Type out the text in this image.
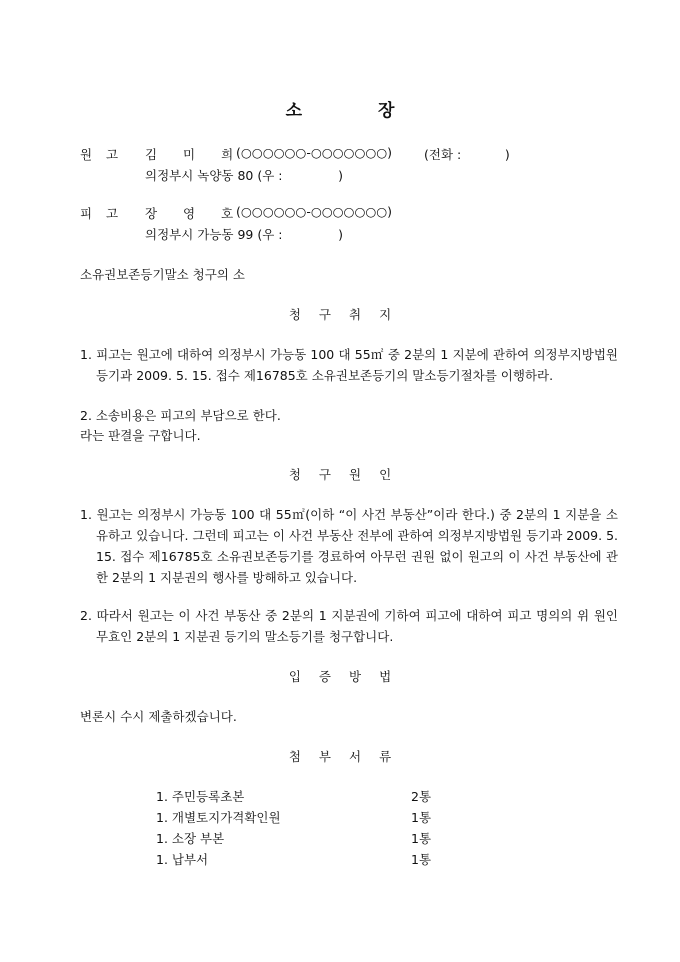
소	장
원 고 김 미 희 (○○○○○○-○○○○○○○)	(전화 :           )
의정부시 녹양동 80 (우 :              )
피 고 장 영 호 (○○○○○○-○○○○○○○)
의정부시 가능동 99 (우 :              )
소유권보존등기말소 청구의 소
청 구 취 지
1. 피고는 원고에 대하여 의정부시 가능동 100 대 55㎡ 중 2분의 1 지분에 관하여 의정부지방법원 등기과 2009. 5. 15. 접수 제16785호 소유권보존등기의 말소등기절차를 이행하라.
2. 소송비용은 피고의 부담으로 한다.
라는 판결을 구합니다.
청 구 원 인
1. 원고는 의정부시 가능동 100 대 55㎡(이하 “이 사건 부동산”이라 한다.) 중 2분의 1 지분을 소유하고 있습니다. 그런데 피고는 이 사건 부동산 전부에 관하여 의정부지방법원 등기과 2009. 5. 15. 접수 제16785호 소유권보존등기를 경료하여 아무런 권원 없이 원고의 이 사건 부동산에 관한 2분의 1 지분권의 행사를 방해하고 있습니다.
2. 따라서 원고는 이 사건 부동산 중 2분의 1 지분권에 기하여 피고에 대하여 피고 명의의 위 원인무효인 2분의 1 지분권 등기의 말소등기를 청구합니다.
입 증 방 법
변론시 수시 제출하겠습니다.
첨 부 서 류
1. 주민등록초본	2통
1. 개별토지가격확인원	1통
1. 소장 부본	1통
1. 납부서	1통
